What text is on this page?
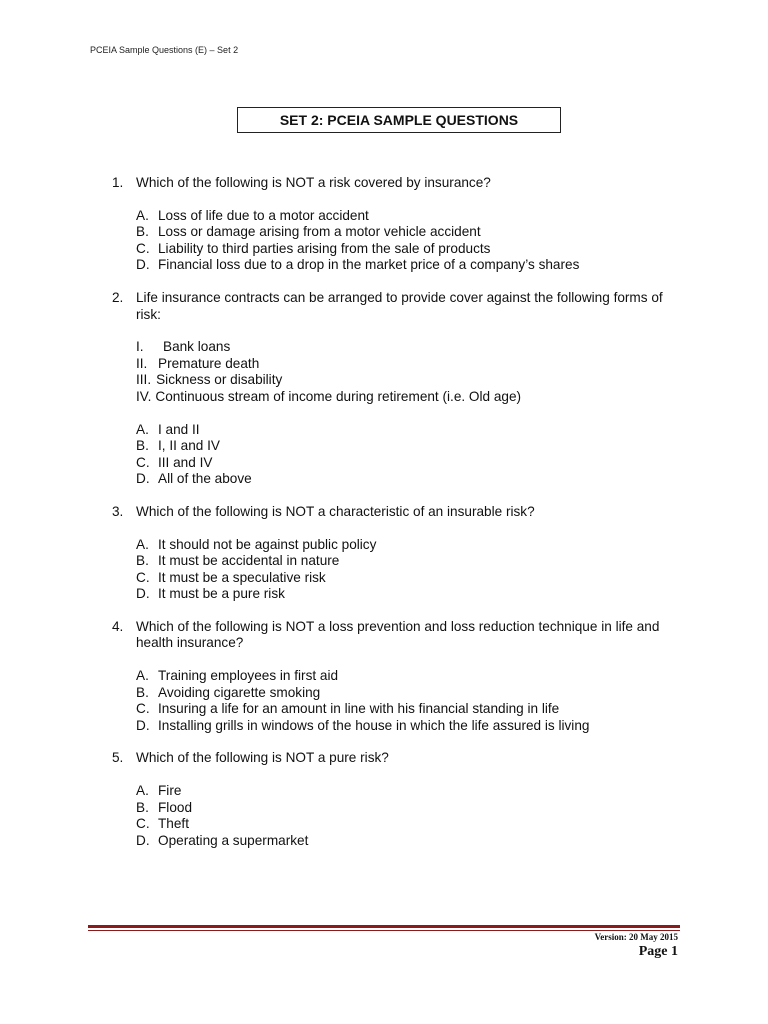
PCEIA Sample Questions (E) – Set 2
SET 2: PCEIA SAMPLE QUESTIONS
1. Which of the following is NOT a risk covered by insurance?
A. Loss of life due to a motor accident
B. Loss or damage arising from a motor vehicle accident
C. Liability to third parties arising from the sale of products
D. Financial loss due to a drop in the market price of a company’s shares
2. Life insurance contracts can be arranged to provide cover against the following forms of risk:
I.	Bank loans
II. Premature death
III. Sickness or disability
IV. Continuous stream of income during retirement (i.e. Old age)
A. I and II
B. I, II and IV
C. III and IV
D. All of the above
3. Which of the following is NOT a characteristic of an insurable risk?
A. It should not be against public policy
B. It must be accidental in nature
C. It must be a speculative risk
D. It must be a pure risk
4. Which of the following is NOT a loss prevention and loss reduction technique in life and health insurance?
A. Training employees in first aid
B. Avoiding cigarette smoking
C. Insuring a life for an amount in line with his financial standing in life
D. Installing grills in windows of the house in which the life assured is living
5. Which of the following is NOT a pure risk?
A. Fire
B. Flood
C. Theft
D. Operating a supermarket
Version: 20 May 2015
Page 1
